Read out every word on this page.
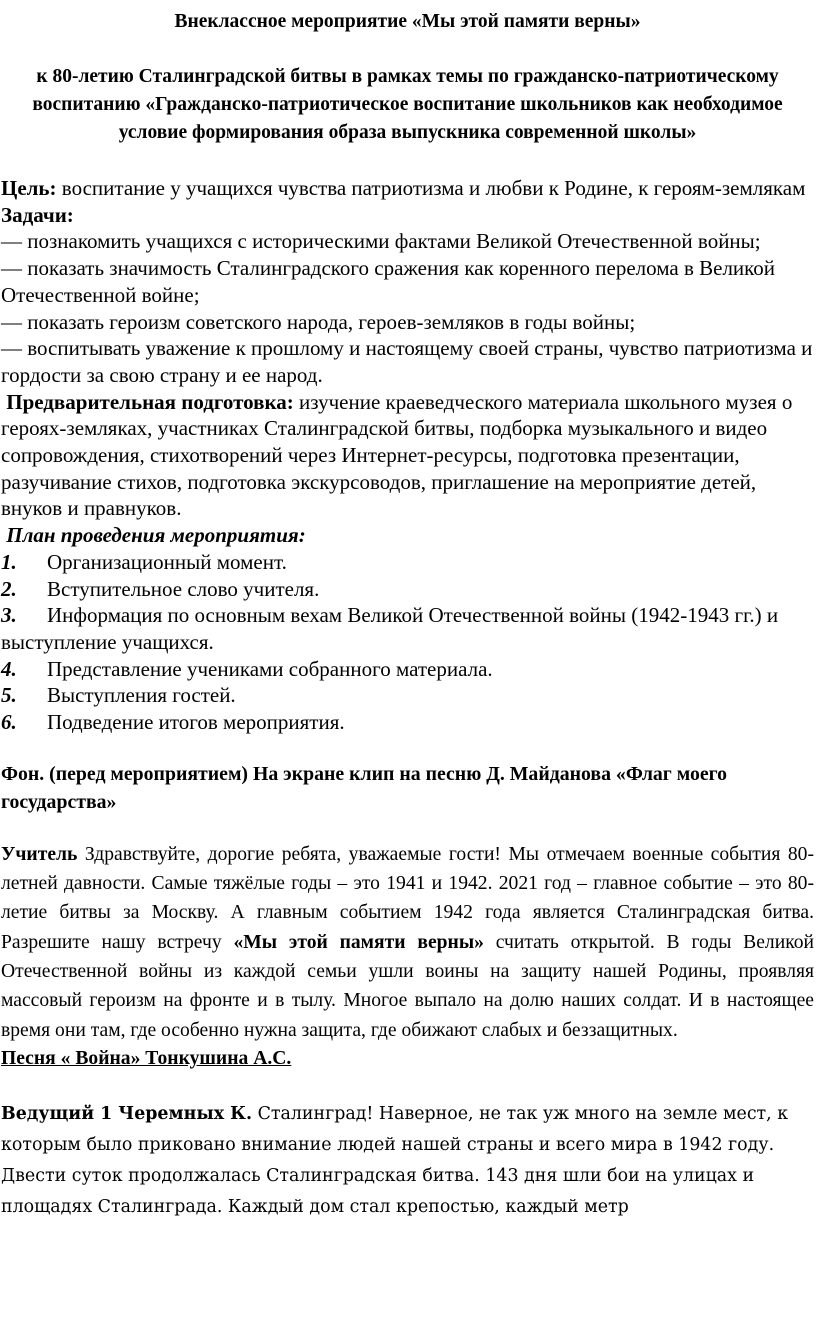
Внеклассное мероприятие «Мы этой памяти верны»

к 80-летию Сталинградской битвы в рамках темы по гражданско-патриотическому воспитанию «Гражданско-патриотическое воспитание школьников как необходимое условие формирования образа выпускника современной школы»

Цель: воспитание у учащихся чувства патриотизма и любви к Родине, к героям-землякам

Задачи:

— познакомить учащихся с историческими фактами Великой Отечественной войны;

— показать значимость Сталинградского сражения как коренного перелома в Великой Отечественной войне;

— показать героизм советского народа, героев-земляков в годы войны;

— воспитывать уважение к прошлому и настоящему своей страны, чувство патриотизма и гордости за свою страну и ее народ.

Предварительная подготовка: изучение краеведческого материала школьного музея о героях-земляках, участниках Сталинградской битвы, подборка музыкального и видео сопровождения, стихотворений через Интернет-ресурсы, подготовка презентации, разучивание стихов, подготовка экскурсоводов, приглашение на мероприятие детей, внуков и правнуков.

План проведения мероприятия:

1. Организационный момент.

2. Вступительное слово учителя.

3. Информация по основным вехам Великой Отечественной войны (1942-1943 гг.) и выступление учащихся.

4. Представление учениками собранного материала.

5. Выступления гостей.

6. Подведение итогов мероприятия.

Фон. (перед мероприятием) На экране клип на песню Д. Майданова «Флаг моего государства»

Учитель Здравствуйте, дорогие ребята, уважаемые гости! Мы отмечаем военные события 80-летней давности. Самые тяжёлые годы – это 1941 и 1942. 2021 год – главное событие – это 80-летие битвы за Москву. А главным событием 1942 года является Сталинградская битва. Разрешите нашу встречу «Мы этой памяти верны» считать открытой. В годы Великой Отечественной войны из каждой семьи ушли воины на защиту нашей Родины, проявляя массовый героизм на фронте и в тылу. Многое выпало на долю наших солдат. И в настоящее время они там, где особенно нужна защита, где обижают слабых и беззащитных.

Песня « Война» Тонкушина А.С.

Ведущий 1 Черемных К. Сталинград! Наверное, не так уж много на земле мест, к которым было приковано внимание людей нашей страны и всего мира в 1942 году. Двести суток продолжалась Сталинградская битва. 143 дня шли бои на улицах и площадях Сталинграда. Каждый дом стал крепостью, каждый метр
